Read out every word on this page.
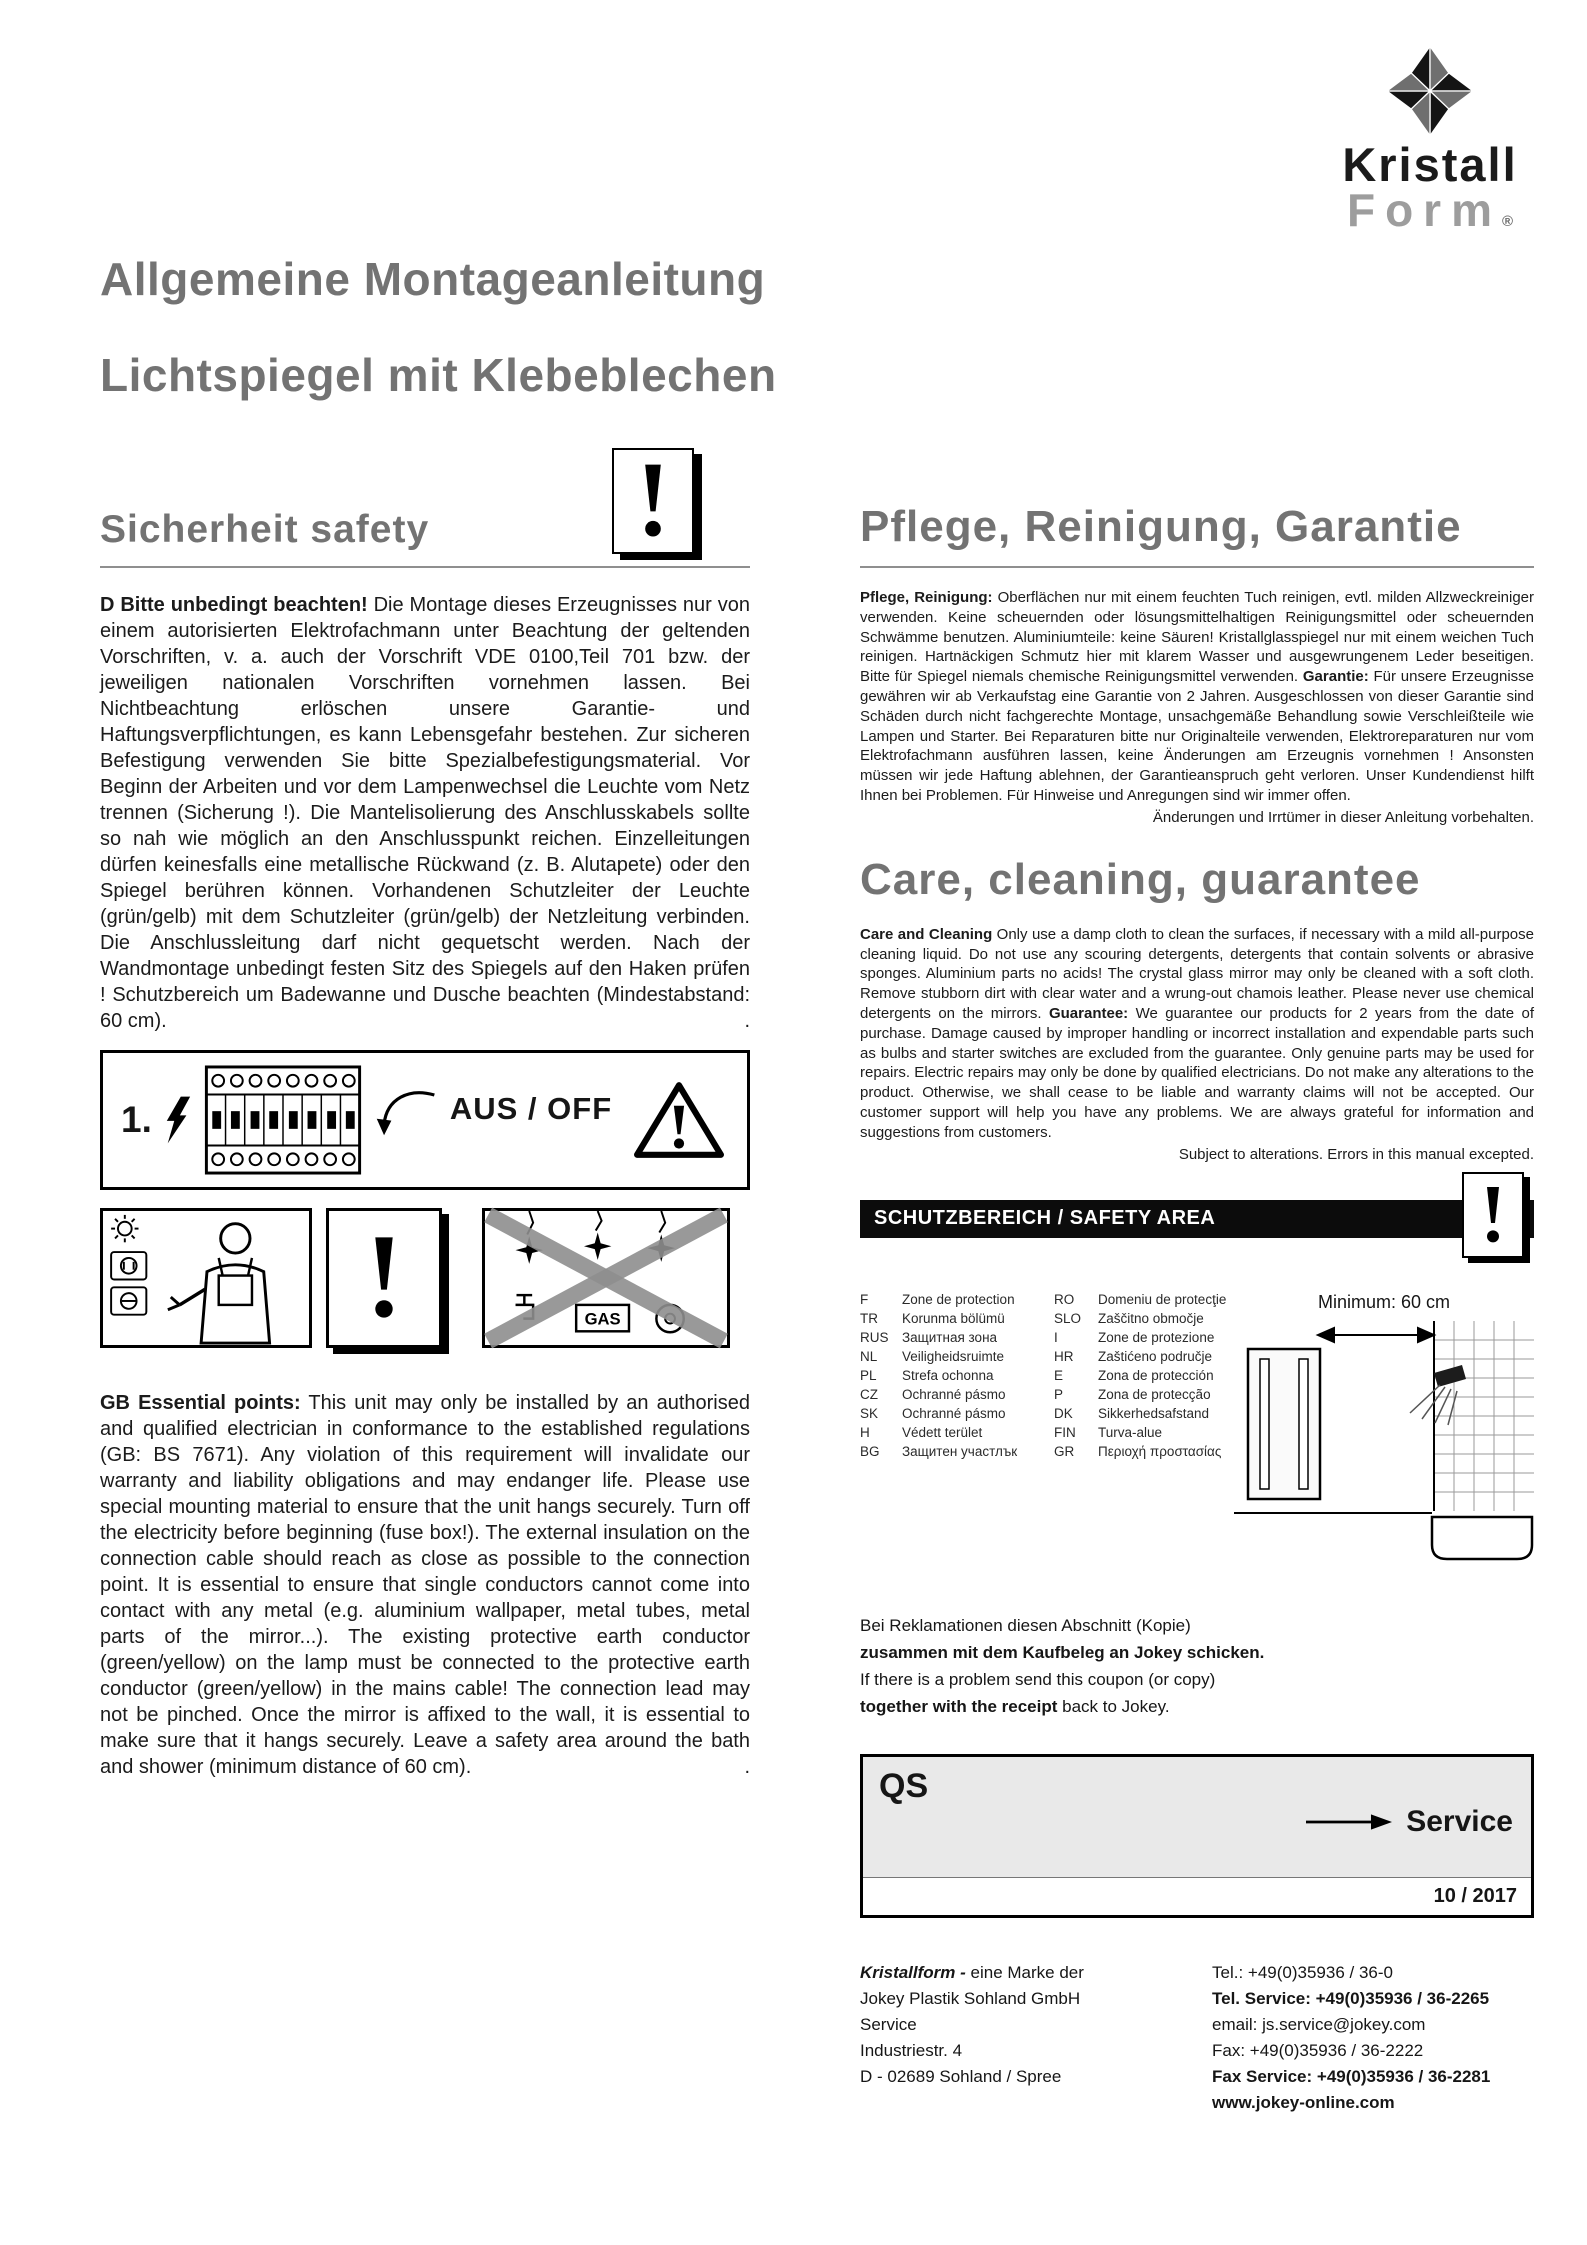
Kristall
Form®
Allgemeine Montageanleitung
Lichtspiegel mit Klebeblechen
Sicherheit safety

D Bitte unbedingt beachten! Die Montage dieses Erzeugnisses nur von einem autorisierten Elektrofachmann unter Beachtung der geltenden Vorschriften, v. a. auch der Vorschrift VDE 0100,Teil 701 bzw. der jeweiligen nationalen Vorschriften vornehmen lassen. Bei Nichtbeachtung erlöschen unsere Garantie- und Haftungsverpflichtungen, es kann Lebensgefahr bestehen. Zur sicheren Befestigung verwenden Sie bitte Spezialbefestigungsmaterial. Vor Beginn der Arbeiten und vor dem Lampenwechsel die Leuchte vom Netz trennen (Sicherung !). Die Mantelisolierung des Anschlusskabels sollte so nah wie möglich an den Anschlusspunkt reichen. Einzelleitungen dürfen keinesfalls eine metallische Rückwand (z. B. Alutapete) oder den Spiegel berühren können. Vorhandenen Schutzleiter der Leuchte (grün/gelb) mit dem Schutzleiter (grün/gelb) der Netzleitung verbinden. Die Anschlussleitung darf nicht gequetscht werden. Nach der Wandmontage unbedingt festen Sitz des Spiegels auf den Haken prüfen ! Schutzbereich um Badewanne und Dusche beachten (Mindestabstand: 60 cm).	.

1.	AUS / OFF
GAS

GB Essential points: This unit may only be installed by an authorised and qualified electrician in conformance to the established regulations (GB: BS 7671). Any violation of this requirement will invalidate our warranty and liability obligations and may endanger life. Please use special mounting material to ensure that the unit hangs securely. Turn off the electricity before beginning (fuse box!). The external insulation on the connection cable should reach as close as possible to the connection point. It is essential to ensure that single conductors cannot come into contact with any metal (e.g. aluminium wallpaper, metal tubes, metal parts of the mirror...). The existing protective earth conductor (green/yellow) on the lamp must be connected to the protective earth conductor (green/yellow) in the mains cable! The connection lead may not be pinched. Once the mirror is affixed to the wall, it is essential to make sure that it hangs securely. Leave a safety area around the bath and shower (minimum distance of 60 cm).	.

Pflege, Reinigung, Garantie

Pflege, Reinigung: Oberflächen nur mit einem feuchten Tuch reinigen, evtl. milden Allzweckreiniger verwenden. Keine scheuernden oder lösungsmittelhaltigen Reinigungsmittel oder scheuernden Schwämme benutzen. Aluminiumteile: keine Säuren! Kristallglasspiegel nur mit einem weichen Tuch reinigen. Hartnäckigen Schmutz hier mit klarem Wasser und ausgewrungenem Leder beseitigen. Bitte für Spiegel niemals chemische Reinigungsmittel verwenden. Garantie: Für unsere Erzeugnisse gewähren wir ab Verkaufstag eine Garantie von 2 Jahren. Ausgeschlossen von dieser Garantie sind Schäden durch nicht fachgerechte Montage, unsachgemäße Behandlung sowie Verschleißteile wie Lampen und Starter. Bei Reparaturen bitte nur Originalteile verwenden, Elektroreparaturen nur vom Elektrofachmann ausführen lassen, keine Änderungen am Erzeugnis vornehmen ! Ansonsten müssen wir jede Haftung ablehnen, der Garantieanspruch geht verloren. Unser Kundendienst hilft Ihnen bei Problemen. Für Hinweise und Anregungen sind wir immer offen.

Änderungen und Irrtümer in dieser Anleitung vorbehalten.
Care, cleaning, guarantee

Care and Cleaning Only use a damp cloth to clean the surfaces, if necessary with a mild all-purpose cleaning liquid. Do not use any scouring detergents, detergents that contain solvents or abrasive sponges. Aluminium parts no acids! The crystal glass mirror may only be cleaned with a soft cloth. Remove stubborn dirt with clear water and a wrung-out chamois leather. Please never use chemical detergents on the mirrors. Guarantee: We guarantee our products for 2 years from the date of purchase. Damage caused by improper handling or incorrect installation and expendable parts such as bulbs and starter switches are excluded from the guarantee. Only genuine parts may be used for repairs. Electric repairs may only be done by qualified electricians. Do not make any alterations to the product. Otherwise, we shall cease to be liable and warranty claims will not be accepted. Our customer support will help you have any problems. We are always grateful for information and suggestions from customers.

Subject to alterations. Errors in this manual excepted.
SCHUTZBEREICH / SAFETY AREA
F	Zone de protection	RO	Domeniu de protecţie
TR	Korunma bölümü	SLO	Zaščitno območje
RUS Защитная зона	I	Zone de protezione
NL	Veiligheidsruimte	HR	Zaštićeno područje
PL	Strefa ochonna	E	Zona de protección
CZ	Ochranné pásmo	P	Zona de protecção
SK	Ochranné pásmo	DK	Sikkerhedsafstand
H	Védett terület	FIN	Turva-alue
BG	Защитен участлък	GR	Περιοχή προστασίας
Minimum: 60 cm
Bei Reklamationen diesen Abschnitt (Kopie)
zusammen mit dem Kaufbeleg an Jokey schicken.
If there is a problem send this coupon (or copy)
together with the receipt back to Jokey.
QS
Service
10 / 2017
Kristallform - eine Marke der
Jokey Plastik Sohland GmbH
Service
Industriestr. 4
D - 02689 Sohland / Spree
Tel.: +49(0)35936 / 36-0
Tel. Service: +49(0)35936 / 36-2265
email: js.service@jokey.com
Fax: +49(0)35936 / 36-2222
Fax Service: +49(0)35936 / 36-2281
www.jokey-online.com
